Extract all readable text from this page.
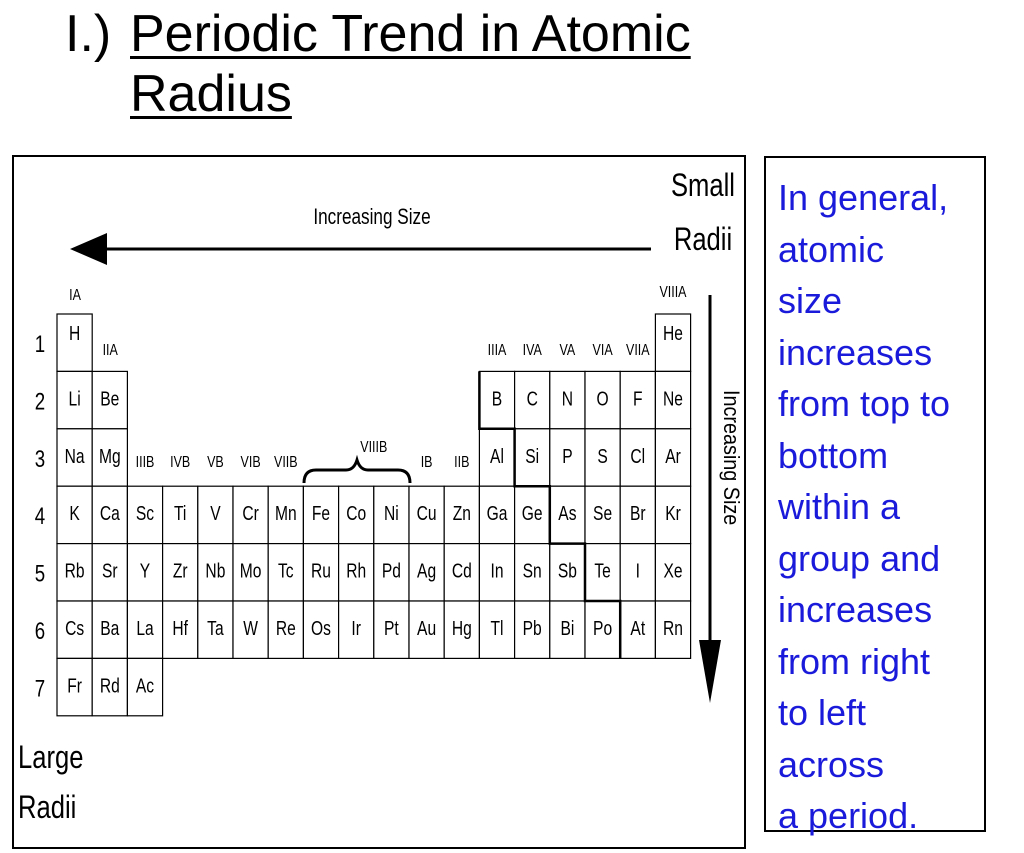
I.) Periodic Trend in Atomic
Radius
Increasing Size
Small
Radii
Large
Radii
Increasing Size
H	He
Li Be	B C N O F Ne
Na Mg	Al Si P S Cl Ar
K Ca Sc Ti V Cr Mn Fe Co Ni Cu Zn Ga Ge As Se Br Kr
Rb Sr Y Zr Nb Mo Tc Ru Rh Pd Ag Cd In Sn Sb Te I Xe
Cs Ba La Hf Ta W Re Os Ir Pt Au Hg Tl Pb Bi Po At Rn
Fr Rd Ac
1
2
3
4
5
6
7
IA
IIA
IIIB IVB VB VIB VIIB
VIIIB
IB IIB
IIIA IVA VA VIA VIIA
VIIIA
In general,
atomic
size
increases
from top to
bottom
within a
group and
increases
from right
to left
across
a period.
